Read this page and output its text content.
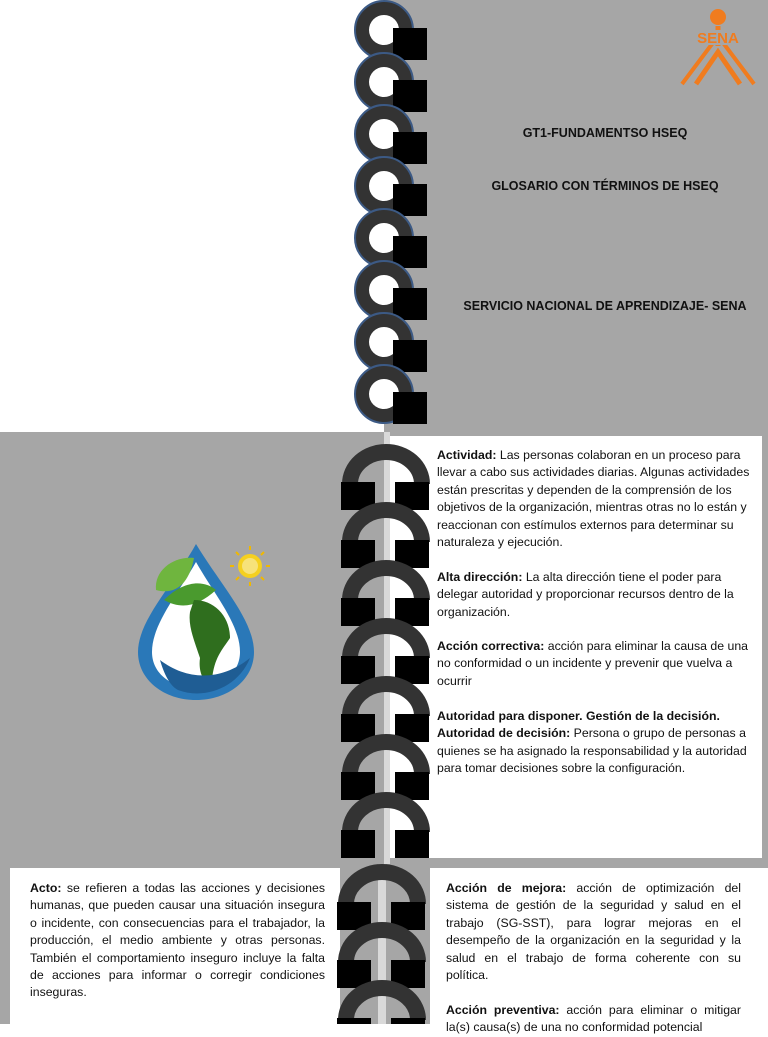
SENA
GT1-FUNDAMENTSO HSEQ
GLOSARIO CON TÉRMINOS DE HSEQ
SERVICIO NACIONAL DE APRENDIZAJE- SENA
Actividad: Las personas colaboran en un proceso para llevar a cabo sus actividades diarias. Algunas actividades están prescritas y dependen de la comprensión de los objetivos de la organización, mientras otras no lo están y reaccionan con estímulos externos para determinar su naturaleza y ejecución.
Alta dirección: La alta dirección tiene el poder para delegar autoridad y proporcionar recursos dentro de la organización.
Acción correctiva: acción para eliminar la causa de una no conformidad o un incidente y prevenir que vuelva a ocurrir
Autoridad para disponer. Gestión de la decisión. Autoridad de decisión: Persona o grupo de personas a quienes se ha asignado la responsabilidad y la autoridad para tomar decisiones sobre la configuración.
Acto: se refieren a todas las acciones y decisiones humanas, que pueden causar una situación insegura o incidente, con consecuencias para el trabajador, la producción, el medio ambiente y otras personas. También el comportamiento inseguro incluye la falta de acciones para informar o corregir condiciones inseguras.
Acción de mejora: acción de optimización del sistema de gestión de la seguridad y salud en el trabajo (SG-SST), para lograr mejoras en el desempeño de la organización en la seguridad y la salud en el trabajo de forma coherente con su política.
Acción preventiva: acción para eliminar o mitigar la(s) causa(s) de una no conformidad potencial
